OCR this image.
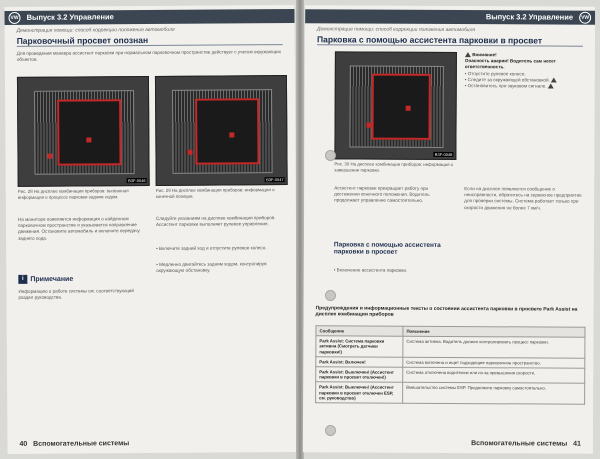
VW Выпуск 3.2 Управление
Демонстрация помощи: способ коррекции положения автомобиля
Парковочный просвет опознан
Для проведения маневра ассистент парковки при нормальном парковочном пространстве действует с учетом окружающих объектов.
В3F-0046	В3F-0047
Рис. 28 На дисплее комбинации приборов: вызванная информация о процессе парковки задним ходом.
Рис. 29 На дисплее комбинации приборов: информация о конечной позиции.
На мониторе появляется информация о найденном парковочном пространстве и указывается направление движения. Остановите автомобиль и включите передачу заднего хода.
Следуйте указаниям на дисплее комбинации приборов. Ассистент парковки выполняет рулевое управление.
• Включите задний ход и отпустите рулевое колесо.
• Медленно двигайтесь задним ходом, контролируя окружающую обстановку.
i Примечание
Информацию о работе системы см. соответствующий раздел руководства.
40 Вспомогательные системы
Выпуск 3.2 Управление VW
Демонстрация помощи: способ коррекции положения автомобиля
Парковка с помощью ассистента парковки в просвет
В3F-0048
Рис. 30 На дисплее комбинации приборов: информация о завершении парковки.
Ассистент парковки прекращает работу при достижении конечного положения. Водитель продолжает управление самостоятельно.
Внимание!
Опасность аварии! Водитель сам несет ответственность.
• Отпустите рулевое колесо.
• Следите за окружающей обстановкой.
• Остановитесь при звуковом сигнале.
Если на дисплее появляется сообщение о неисправности, обратитесь на сервисное предприятие для проверки системы. Система работает только при скорости движения не более 7 км/ч.
Парковка с помощью ассистента парковки в просвет
• Включение ассистента парковки.
Предупреждения и информационные тексты о состоянии ассистента парковки в просвете Park Assist на дисплее комбинации приборов
Сообщение	Пояснение
Park Assist: Система парковки активна (Смотреть датчики парковки!)	Система активна. Водитель должен контролировать процесс парковки.
Park Assist: Включен!	Система включена и ищет подходящее парковочное пространство.
Park Assist: Выключен! (Ассистент парковки в просвет отключен!)	Система отключена водителем или из-за превышения скорости.
Park Assist: Выключен! (Ассистент парковки в просвет отключен ESP, см. руководство)	Вмешательство системы ESP. Продолжите парковку самостоятельно.
Вспомогательные системы 41
